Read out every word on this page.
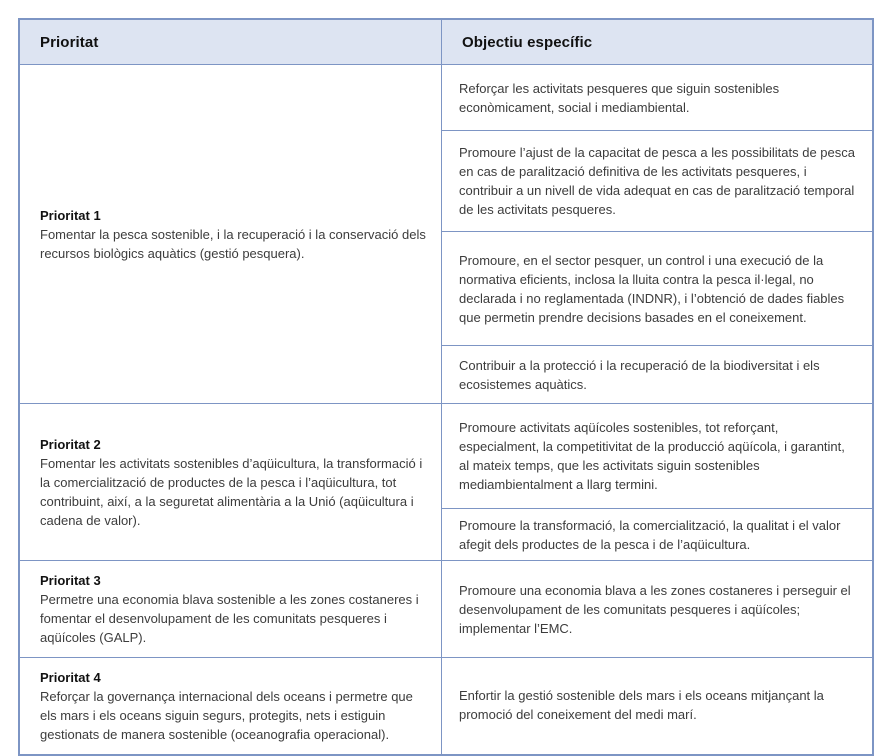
Prioritat	Objectiu específic
Prioritat 1
Fomentar la pesca sostenible, i la recuperació i la conservació dels recursos biològics aquàtics (gestió pesquera).
Reforçar les activitats pesqueres que siguin sostenibles econòmicament, social i mediambiental.
Promoure l’ajust de la capacitat de pesca a les possibilitats de pesca en cas de paralització definitiva de les activitats pesqueres, i contribuir a un nivell de vida adequat en cas de paralització temporal de les activitats pesqueres.
Promoure, en el sector pesquer, un control i una execució de la normativa eficients, inclosa la lluita contra la pesca il·legal, no declarada i no reglamentada (INDNR), i l’obtenció de dades fiables que permetin prendre decisions basades en el coneixement.
Contribuir a la protecció i la recuperació de la biodiversitat i els ecosistemes aquàtics.
Prioritat 2
Fomentar les activitats sostenibles d’aqüicultura, la transformació i la comercialització de productes de la pesca i l’aqüicultura, tot contribuint, així, a la seguretat alimentària a la Unió (aqüicultura i cadena de valor).
Promoure activitats aqüícoles sostenibles, tot reforçant, especialment, la competitivitat de la producció aqüícola, i garantint, al mateix temps, que les activitats siguin sostenibles mediambientalment a llarg termini.
Promoure la transformació, la comercialització, la qualitat i el valor afegit dels productes de la pesca i de l’aqüicultura.
Prioritat 3
Permetre una economia blava sostenible a les zones costaneres i fomentar el desenvolupament de les comunitats pesqueres i aqüícoles (GALP).
Promoure una economia blava a les zones costaneres i perseguir el desenvolupament de les comunitats pesqueres i aqüícoles; implementar l’EMC.
Prioritat 4
Reforçar la governança internacional dels oceans i permetre que els mars i els oceans siguin segurs, protegits, nets i estiguin gestionats de manera sostenible (oceanografia operacional).
Enfortir la gestió sostenible dels mars i els oceans mitjançant la promoció del coneixement del medi marí.
